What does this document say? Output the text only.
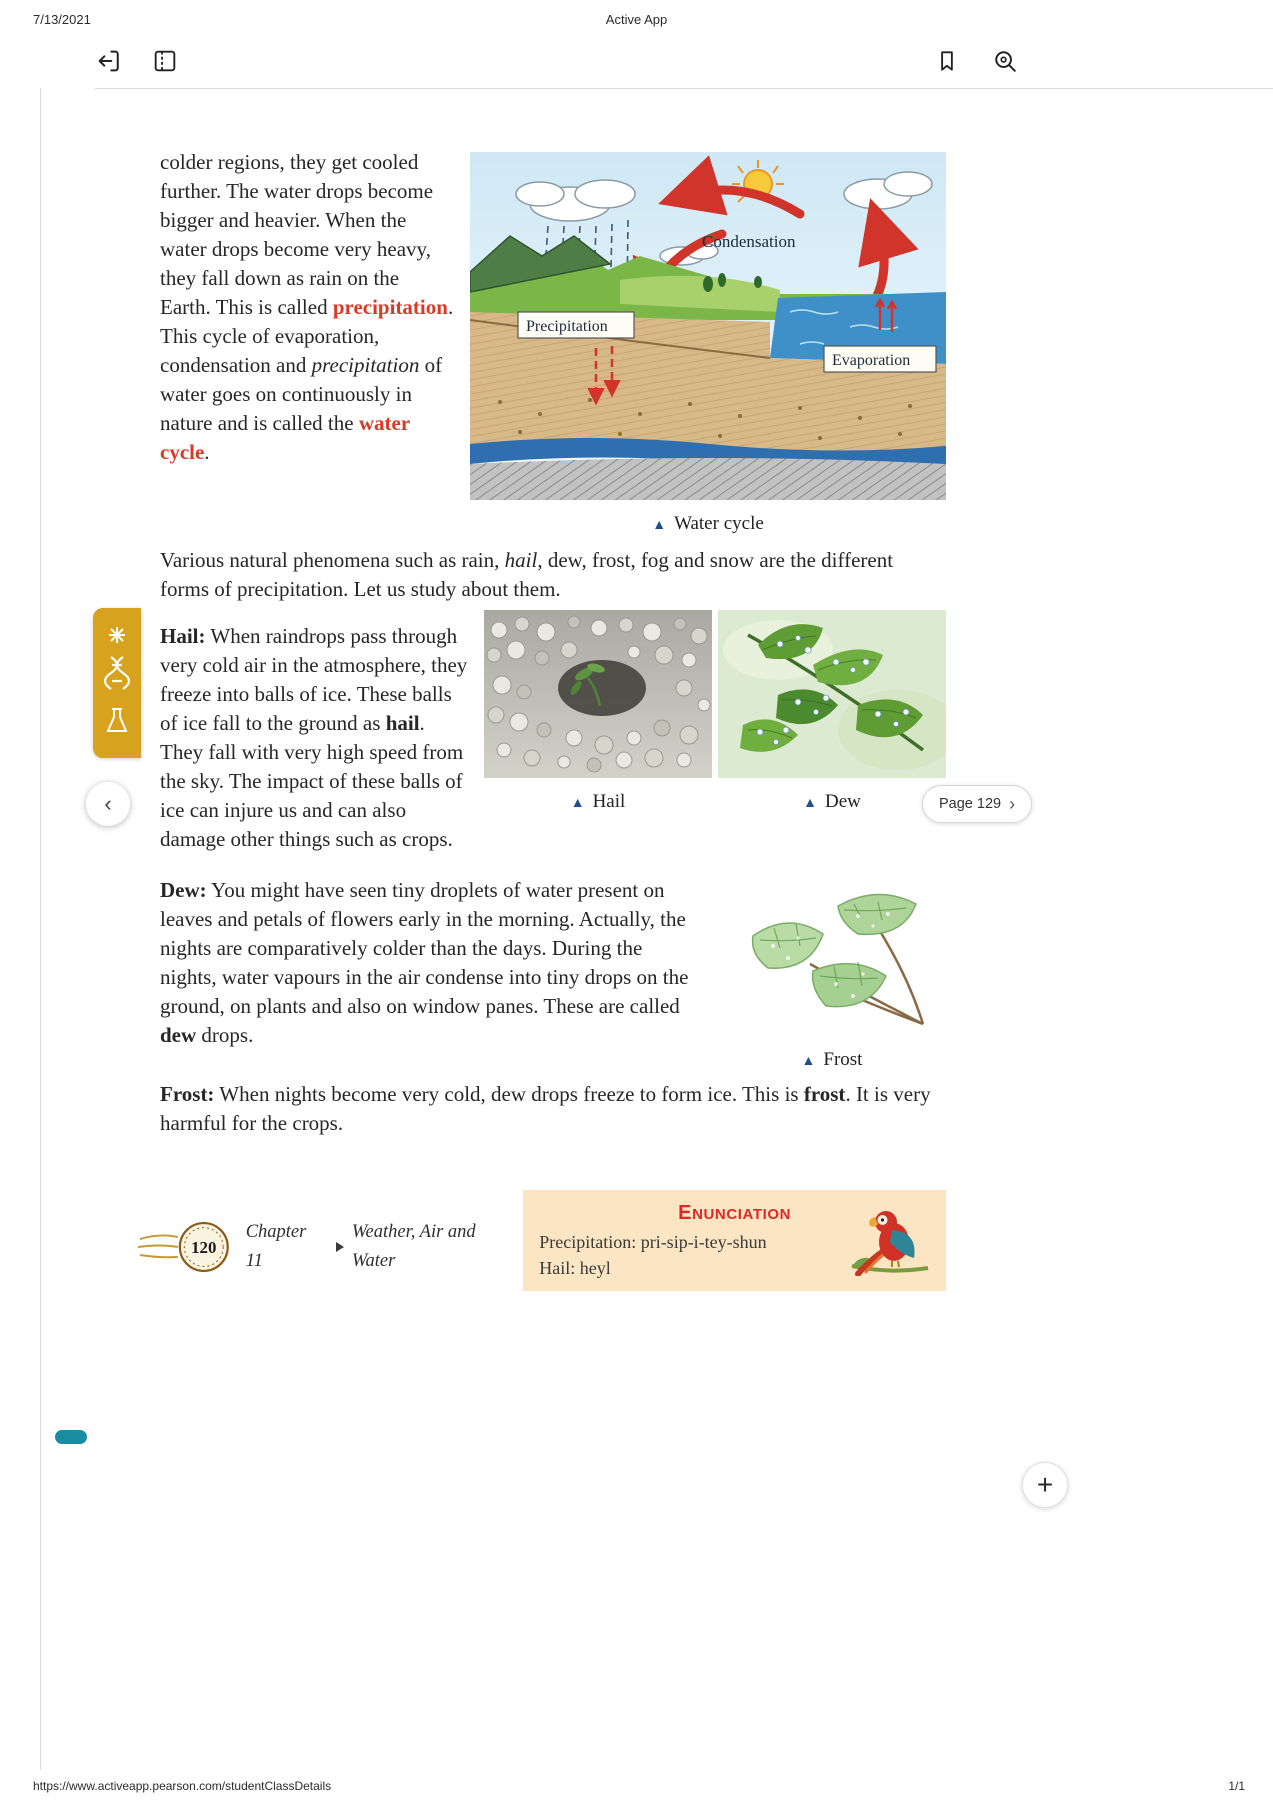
7/13/2021	Active App
Condensation
Precipitation
Evaporation
▲ Water cycle

colder regions, they get cooled further. The water drops become bigger and heavier. When the water drops become very heavy, they fall down as rain on the Earth. This is called precipitation. This cycle of evaporation, condensation and precipitation of water goes on continuously in nature and is called the water cycle.

Various natural phenomena such as rain, hail, dew, frost, fog and snow are the different forms of precipitation. Let us study about them.

▲ Hail	▲ Dew

Hail: When raindrops pass through very cold air in the atmosphere, they freeze into balls of ice. These balls of ice fall to the ground as hail. They fall with very high speed from the sky. The impact of these balls of ice can injure us and can also damage other things such as crops.

▲ Frost
Dew: You might have seen tiny droplets of water present on leaves and petals of flowers early in the morning. Actually, the nights are comparatively colder than the days. During the nights, water vapours in the air condense into tiny drops on the ground, on plants and also on window panes. These are called dew drops.

Frost: When nights become very cold, dew drops freeze to form ice. This is frost. It is very harmful for the crops.

120
Chapter 11
Weather, Air and Water
ENUNCIATION
Precipitation: pri-sip-i-tey-shun
Hail: heyl
‹	Page 129 ›
+
https://www.activeapp.pearson.com/studentClassDetails	1/1
